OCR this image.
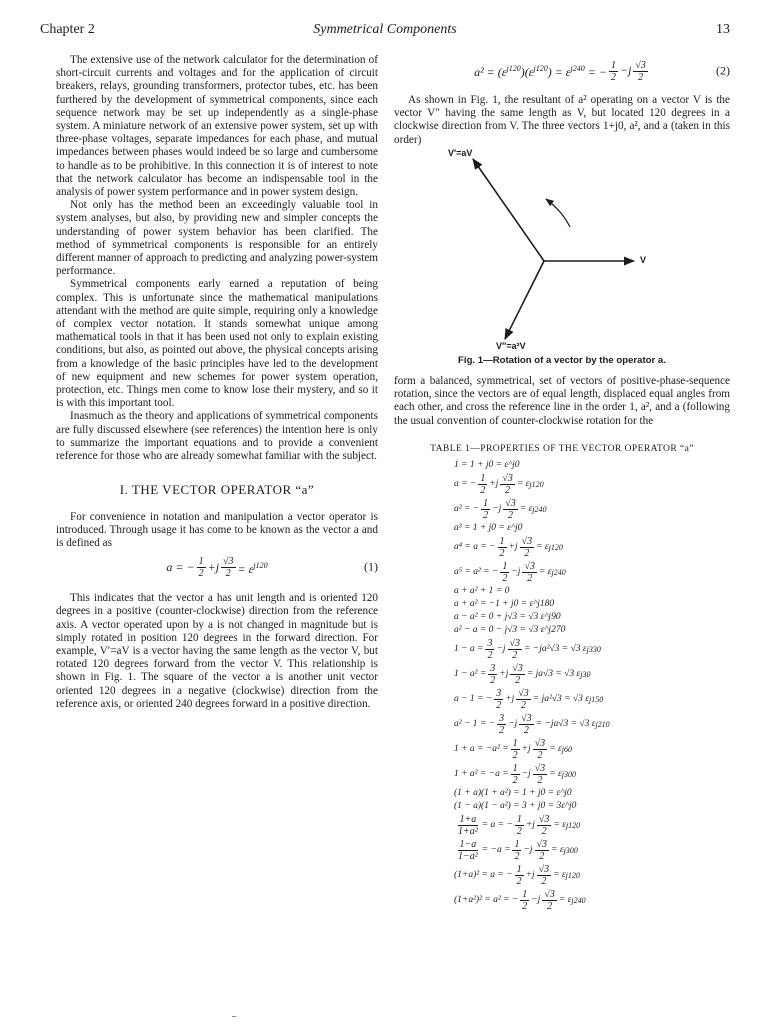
Chapter 2	Symmetrical Components	13

The extensive use of the network calculator for the determination of short-circuit currents and voltages and for the application of circuit breakers, relays, grounding transformers, protector tubes, etc. has been furthered by the development of symmetrical components, since each sequence network may be set up independently as a single-phase system. A miniature network of an extensive power system, set up with three-phase voltages, separate impedances for each phase, and mutual impedances between phases would indeed be so large and cumbersome to handle as to be prohibitive. In this connection it is of interest to note that the network calculator has become an indispensable tool in the analysis of power system performance and in power system design.

Not only has the method been an exceedingly valuable tool in system analyses, but also, by providing new and simpler concepts the understanding of power system behavior has been clarified. The method of symmetrical components is responsible for an entirely different manner of approach to predicting and analyzing power-system performance.

Symmetrical components early earned a reputation of being complex. This is unfortunate since the mathematical manipulations attendant with the method are quite simple, requiring only a knowledge of complex vector notation. It stands somewhat unique among mathematical tools in that it has been used not only to explain existing conditions, but also, as pointed out above, the physical concepts arising from a knowledge of the basic principles have led to the development of new equipment and new schemes for power system operation, protection, etc. Things men come to know lose their mystery, and so it is with this important tool.

Inasmuch as the theory and applications of symmetrical components are fully discussed elsewhere (see references) the intention here is only to summarize the important equations and to provide a convenient reference for those who are already somewhat familiar with the subject.

I. THE VECTOR OPERATOR “a”

For convenience in notation and manipulation a vector operator is introduced. Through usage it has come to be known as the vector a and is defined as

a = − $\frac{1}{2} +j \frac{√3}{2} = \varepsilon^{j120}$	(1)

This indicates that the vector a has unit length and is oriented 120 degrees in a positive (counter-clockwise) direction from the reference axis. A vector operated upon by a is not changed in magnitude but is simply rotated in position 120 degrees in the forward direction. For example, V′=aV is a vector having the same length as the vector V, but rotated 120 degrees forward from the vector V. This relationship is shown in Fig. 1. The square of the vector a is another unit vector oriented 120 degrees in a negative (clockwise) direction from the reference axis, or oriented 240 degrees forward in a positive direction.

$a^2 = (\varepsilon^{j120})(\varepsilon^{j120}) = \varepsilon^{j240}$ = − $\frac{1}{2} -j \frac{√3}{2}$	(2)

As shown in Fig. 1, the resultant of a² operating on a vector V is the vector V″ having the same length as V, but located 120 degrees in a clockwise direction from V. The three vectors 1+j0, a², and a (taken in this order)

V′=aV
V
V″=a²V
Fig. 1—Rotation of a vector by the operator a.

form a balanced, symmetrical, set of vectors of positive-phase-sequence rotation, since the vectors are of equal length, displaced equal angles from each other, and cross the reference line in the order 1, a², and a (following the usual convention of counter-clockwise rotation for the

TABLE 1—PROPERTIES OF THE VECTOR OPERATOR “a”
1 = 1 + j0 = ε^j0
a = − $\frac{1}{2} +j \frac{√3}{2} = \varepsilon$ j120
a² = − $\frac{1}{2} -j \frac{√3}{2} = \varepsilon$ j240
a³ = 1 + j0 = ε^j0
a⁴ = a = − $\frac{1}{2} +j \frac{√3}{2} = \varepsilon$ j120
a⁵ = a² = − $\frac{1}{2} -j \frac{√3}{2} = \varepsilon$ j240
a + a² + 1 = 0
a + a² = −1 + j0 = ε^j180
a − a² = 0 + j√3 = √3 ε^j90
a² − a = 0 − j√3 = √3 ε^j270
$1 - a = \frac{3}{2} -j \frac{√3}{2} = -ja^2√3 = √3$ ε j330
$1 - a^2 = \frac{3}{2} +j \frac{√3}{2} = ja√3 = √3$ ε j30
a − 1 = − $\frac{3}{2} +j \frac{√3}{2} = ja^2√3 = √3$ ε j150
a² − 1 = − $\frac{3}{2} -j \frac{√3}{2} = -ja√3 = √3$ ε j210
$1 + a = -a^2 = \frac{1}{2} +j \frac{√3}{2} = \varepsilon$ j60
$1 + a^2 = -a = \frac{1}{2} -j \frac{√3}{2} = \varepsilon$ j300
(1 + a)(1 + a²) = 1 + j0 = ε^j0
(1 − a)(1 − a²) = 3 + j0 = 3ε^j0
$\frac{1+a}{\text{1+a²}} = a$ = − $\frac{1}{2} +j \frac{√3}{2} = \varepsilon$ j120
$\frac{1-a}{\text{1−a²}} = -a = \frac{1}{2} -j \frac{√3}{2} = \varepsilon$ j300
(1+a)² = a = − $\frac{1}{2} +j \frac{√3}{2} = \varepsilon$ j120
(1+a²)² = a² = − $\frac{1}{2} -j \frac{√3}{2} = \varepsilon$ j240
